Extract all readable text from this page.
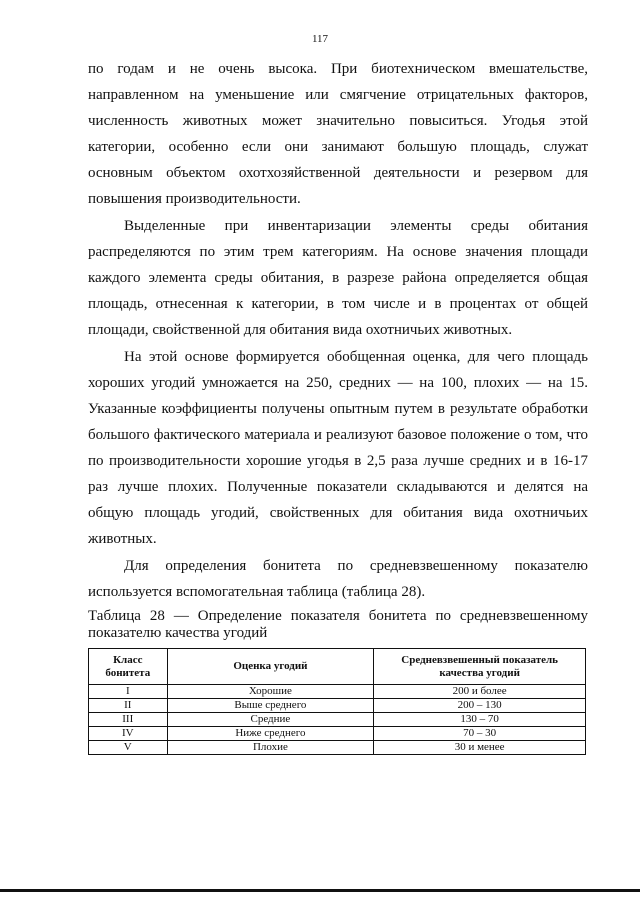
117

по годам и не очень высока. При биотехническом вмешательстве, направленном на уменьшение или смягчение отрицательных факторов, численность животных может значительно повыситься. Угодья этой категории, особенно если они занимают большую площадь, служат основным объектом охотхозяйственной деятельности и резервом для повышения производительности.

Выделенные при инвентаризации элементы среды обитания распределяются по этим трем категориям. На основе значения площади каждого элемента среды обитания, в разрезе района определяется общая площадь, отнесенная к категории, в том числе и в процентах от общей площади, свойственной для обитания вида охотничьих животных.

На этой основе формируется обобщенная оценка, для чего площадь хороших угодий умножается на 250, средних — на 100, плохих — на 15. Указанные коэффициенты получены опытным путем в результате обработки большого фактического материала и реализуют базовое положение о том, что по производительности хорошие угодья в 2,5 раза лучше средних и в 16-17 раз лучше плохих. Полученные показатели складываются и делятся на общую площадь угодий, свойственных для обитания вида охотничьих животных.

Для определения бонитета по средневзвешенному показателю используется вспомогательная таблица (таблица 28).

Таблица 28 — Определение показателя бонитета по средневзвешенному показателю качества угодий
Класс бонитета	Оценка угодий	Средневзвешенный показатель качества угодий
I	Хорошие	200 и более
II	Выше среднего	200 – 130
III	Средние	130 – 70
IV	Ниже среднего	70 – 30
V	Плохие	30 и менее
